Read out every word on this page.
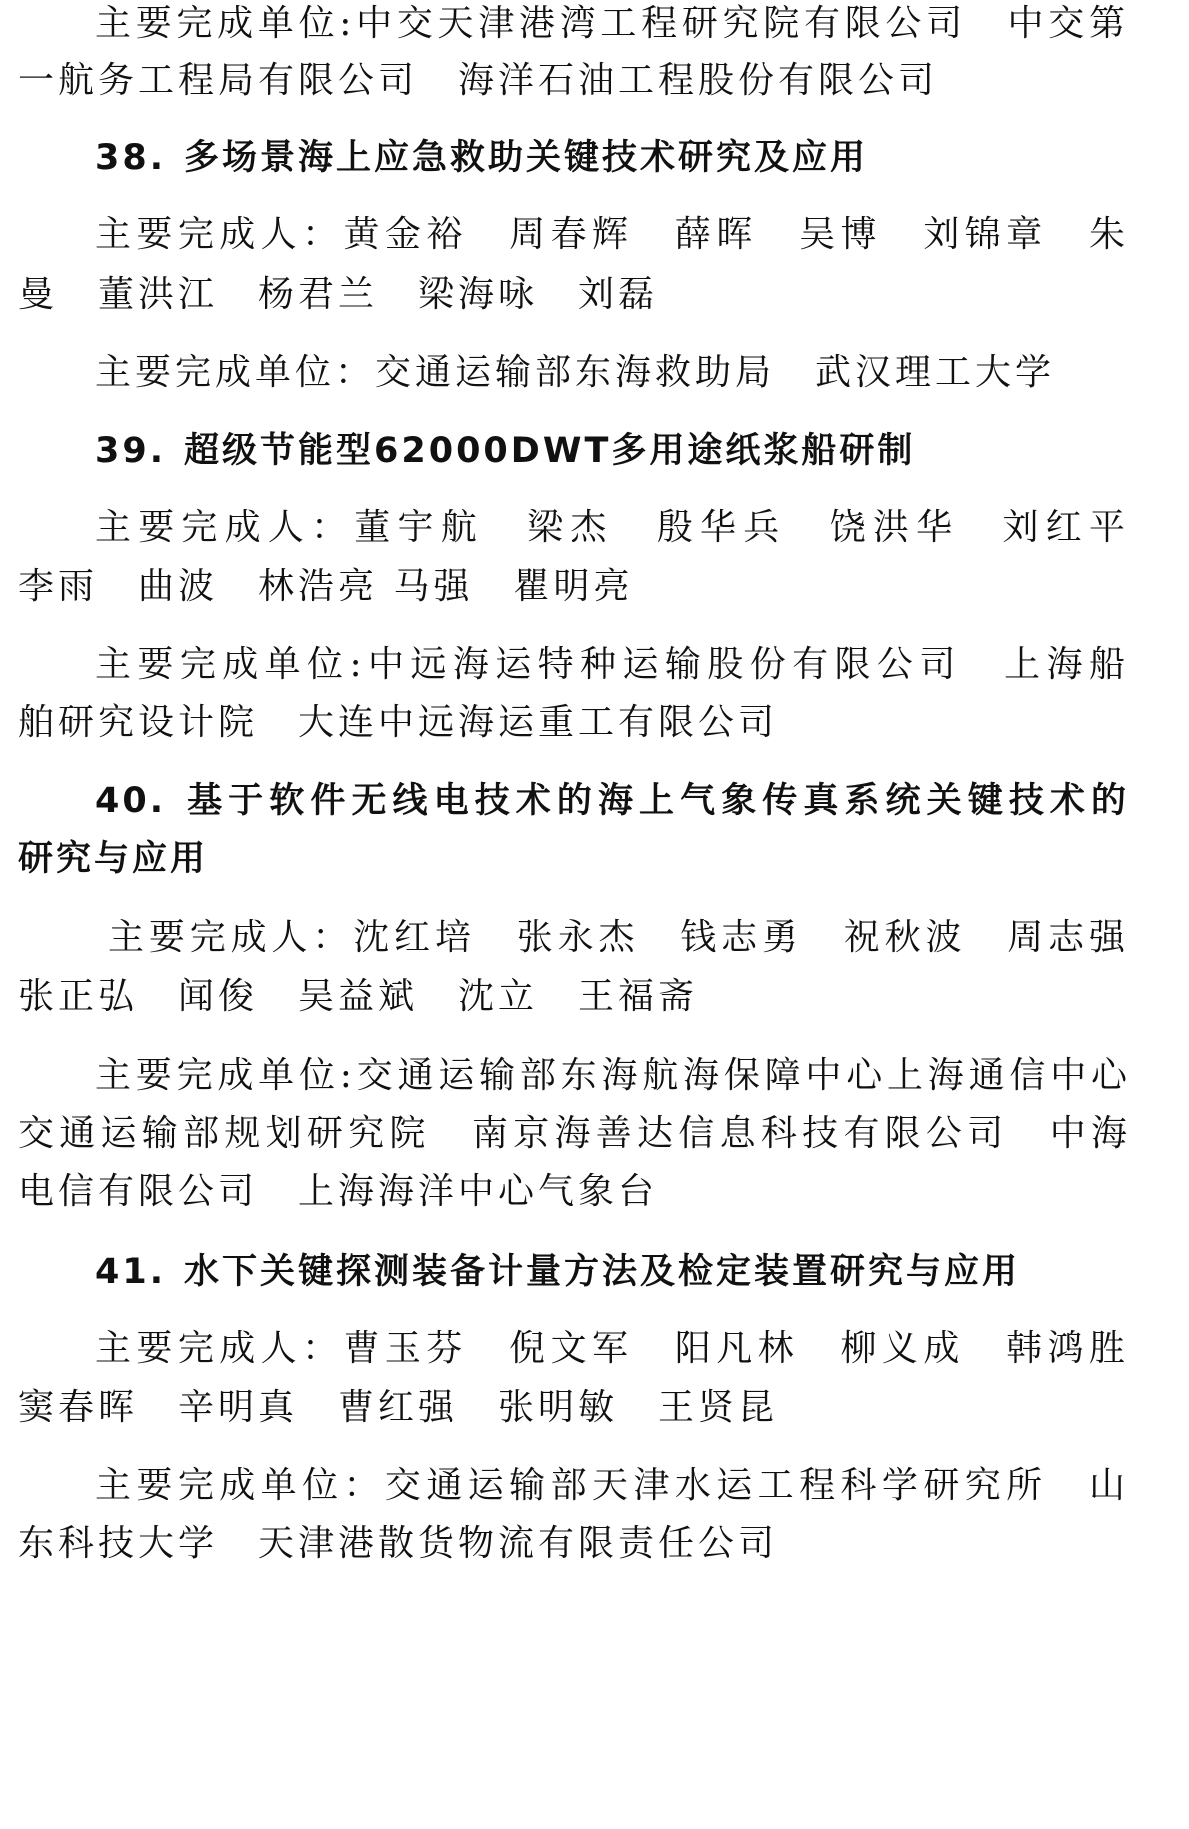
主要完成单位:中交天津港湾工程研究院有限公司　中交第
一航务工程局有限公司　海洋石油工程股份有限公司
38. 多场景海上应急救助关键技术研究及应用
主要完成人：黄金裕　周春辉　薛晖　吴博　刘锦章　朱
曼　董洪江　杨君兰　梁海咏　刘磊
主要完成单位：交通运输部东海救助局　武汉理工大学
39. 超级节能型62000DWT多用途纸浆船研制
主要完成人：董宇航　梁杰　殷华兵　饶洪华　刘红平
李雨　曲波　林浩亮 马强　瞿明亮
主要完成单位:中远海运特种运输股份有限公司　上海船
舶研究设计院　大连中远海运重工有限公司
40. 基于软件无线电技术的海上气象传真系统关键技术的
研究与应用
主要完成人：沈红培　张永杰　钱志勇　祝秋波　周志强
张正弘　闻俊　吴益斌　沈立　王福斋
主要完成单位:交通运输部东海航海保障中心上海通信中心
交通运输部规划研究院　南京海善达信息科技有限公司　中海
电信有限公司　上海海洋中心气象台
41. 水下关键探测装备计量方法及检定装置研究与应用
主要完成人：曹玉芬　倪文军　阳凡林　柳义成　韩鸿胜
窦春晖　辛明真　曹红强　张明敏　王贤昆
主要完成单位：交通运输部天津水运工程科学研究所　山
东科技大学　天津港散货物流有限责任公司
